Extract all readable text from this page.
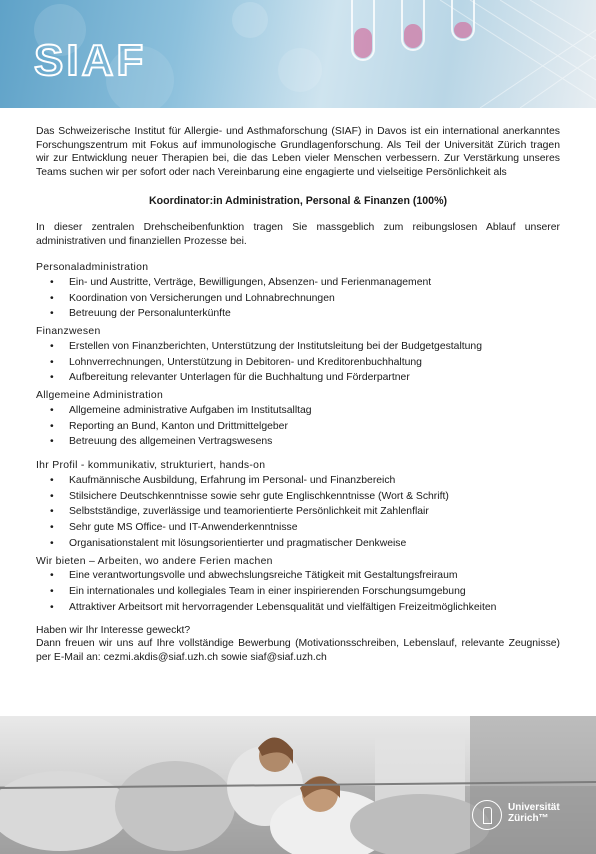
SIAF

Das Schweizerische Institut für Allergie- und Asthmaforschung (SIAF) in Davos ist ein international anerkanntes Forschungszentrum mit Fokus auf immunologische Grundlagenforschung. Als Teil der Universität Zürich tragen wir zur Entwicklung neuer Therapien bei, die das Leben vieler Menschen verbessern. Zur Verstärkung unseres Teams suchen wir per sofort oder nach Vereinbarung eine engagierte und vielseitige Persönlichkeit als

Koordinator:in Administration, Personal & Finanzen (100%)

In dieser zentralen Drehscheibenfunktion tragen Sie massgeblich zum reibungslosen Ablauf unserer administrativen und finanziellen Prozesse bei.

Personaladministration

• Ein- und Austritte, Verträge, Bewilligungen, Absenzen- und Ferienmanagement
• Koordination von Versicherungen und Lohnabrechnungen
• Betreuung der Personalunterkünfte

Finanzwesen

• Erstellen von Finanzberichten, Unterstützung der Institutsleitung bei der Budgetgestaltung
• Lohnverrechnungen, Unterstützung in Debitoren- und Kreditorenbuchhaltung
• Aufbereitung relevanter Unterlagen für die Buchhaltung und Förderpartner

Allgemeine Administration

• Allgemeine administrative Aufgaben im Institutsalltag
• Reporting an Bund, Kanton und Drittmittelgeber
• Betreuung des allgemeinen Vertragswesens

Ihr Profil - kommunikativ, strukturiert, hands-on

• Kaufmännische Ausbildung, Erfahrung im Personal- und Finanzbereich
• Stilsichere Deutschkenntnisse sowie sehr gute Englischkenntnisse (Wort & Schrift)
• Selbstständige, zuverlässige und teamorientierte Persönlichkeit mit Zahlenflair
• Sehr gute MS Office- und IT-Anwenderkenntnisse
• Organisationstalent mit lösungsorientierter und pragmatischer Denkweise

Wir bieten – Arbeiten, wo andere Ferien machen

• Eine verantwortungsvolle und abwechslungsreiche Tätigkeit mit Gestaltungsfreiraum
• Ein internationales und kollegiales Team in einer inspirierenden Forschungsumgebung
• Attraktiver Arbeitsort mit hervorragender Lebensqualität und vielfältigen Freizeitmöglichkeiten

Haben wir Ihr Interesse geweckt?

Dann freuen wir uns auf Ihre vollständige Bewerbung (Motivationsschreiben, Lebenslauf, relevante Zeugnisse) per E-Mail an: cezmi.akdis@siaf.uzh.ch sowie siaf@siaf.uzh.ch

Universität
Zürich™
